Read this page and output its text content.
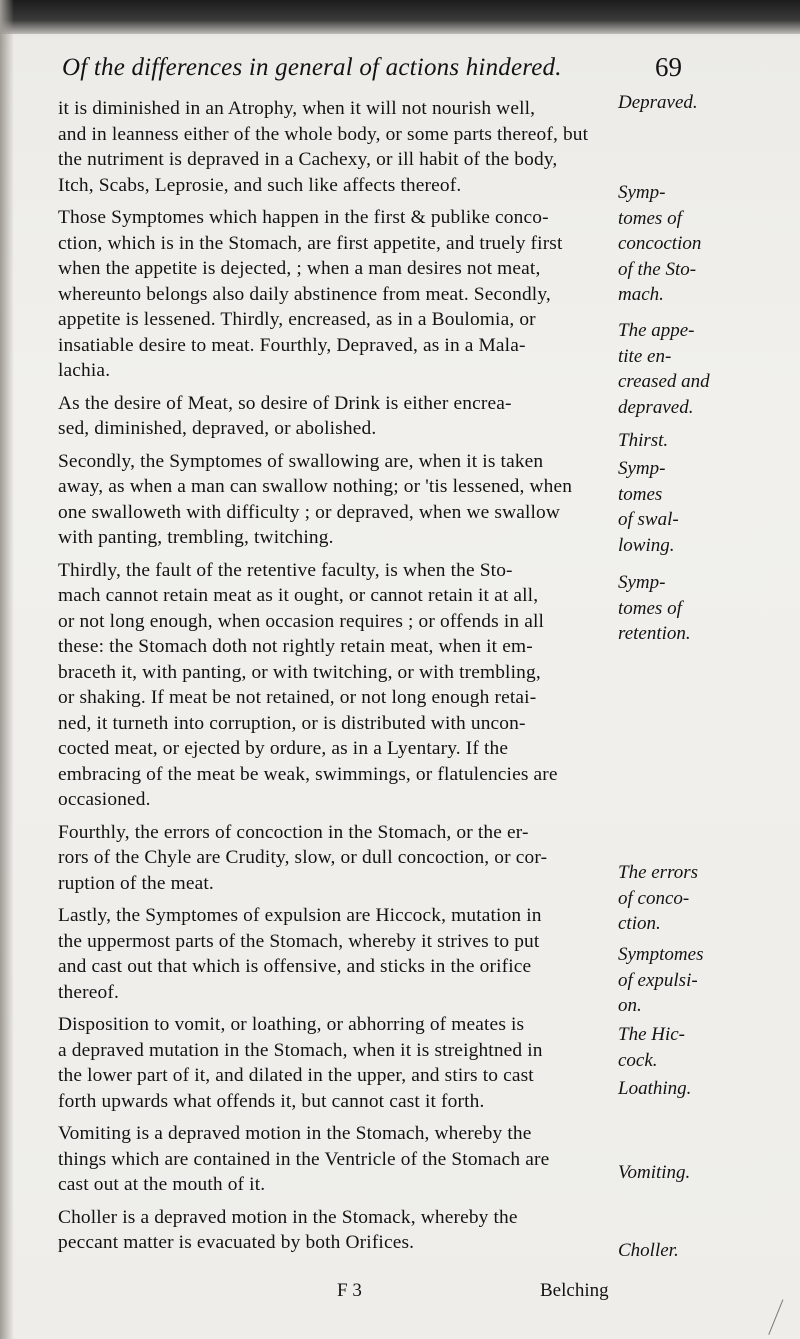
Of the differences in general of actions hindered.	69

it is diminished in an Atrophy, when it will not nourish well,
and in leanness either of the whole body, or some parts thereof, but
the nutriment is depraved in a Cachexy, or ill habit of the body,
Itch, Scabs, Leprosie, and such like affects thereof.

Those Symptomes which happen in the first & publike conco-
ction, which is in the Stomach, are first appetite, and truely first
when the appetite is dejected, ; when a man desires not meat,
whereunto belongs also daily abstinence from meat. Secondly,
appetite is lessened. Thirdly, encreased, as in a Boulomia, or
insatiable desire to meat. Fourthly, Depraved, as in a Mala-
lachia.

As the desire of Meat, so desire of Drink is either encrea-
sed, diminished, depraved, or abolished.

Secondly, the Symptomes of swallowing are, when it is taken
away, as when a man can swallow nothing; or 'tis lessened, when
one swalloweth with difficulty ; or depraved, when we swallow
with panting, trembling, twitching.

Thirdly, the fault of the retentive faculty, is when the Sto-
mach cannot retain meat as it ought, or cannot retain it at all,
or not long enough, when occasion requires ; or offends in all
these: the Stomach doth not rightly retain meat, when it em-
braceth it, with panting, or with twitching, or with trembling,
or shaking. If meat be not retained, or not long enough retai-
ned, it turneth into corruption, or is distributed with uncon-
cocted meat, or ejected by ordure, as in a Lyentary. If the
embracing of the meat be weak, swimmings, or flatulencies are
occasioned.

Fourthly, the errors of concoction in the Stomach, or the er-
rors of the Chyle are Crudity, slow, or dull concoction, or cor-
ruption of the meat.

Lastly, the Symptomes of expulsion are Hiccock, mutation in
the uppermost parts of the Stomach, whereby it strives to put
and cast out that which is offensive, and sticks in the orifice
thereof.

Disposition to vomit, or loathing, or abhorring of meates is
a depraved mutation in the Stomach, when it is streightned in
the lower part of it, and dilated in the upper, and stirs to cast
forth upwards what offends it, but cannot cast it forth.

Vomiting is a depraved motion in the Stomach, whereby the
things which are contained in the Ventricle of the Stomach are
cast out at the mouth of it.

Choller is a depraved motion in the Stomack, whereby the
peccant matter is evacuated by both Orifices.

Depraved.
Symp-
tomes of
concoction
of the Sto-
mach.
The appe-
tite en-
creased and
depraved.
Thirst.
Symp-
tomes
of swal-
lowing.
Symp-
tomes of
retention.
The errors
of conco-
ction.
Symptomes
of expulsi-
on.
The Hic-
cock.
Loathing.
Vomiting.
Choller.
F 3	Belching
